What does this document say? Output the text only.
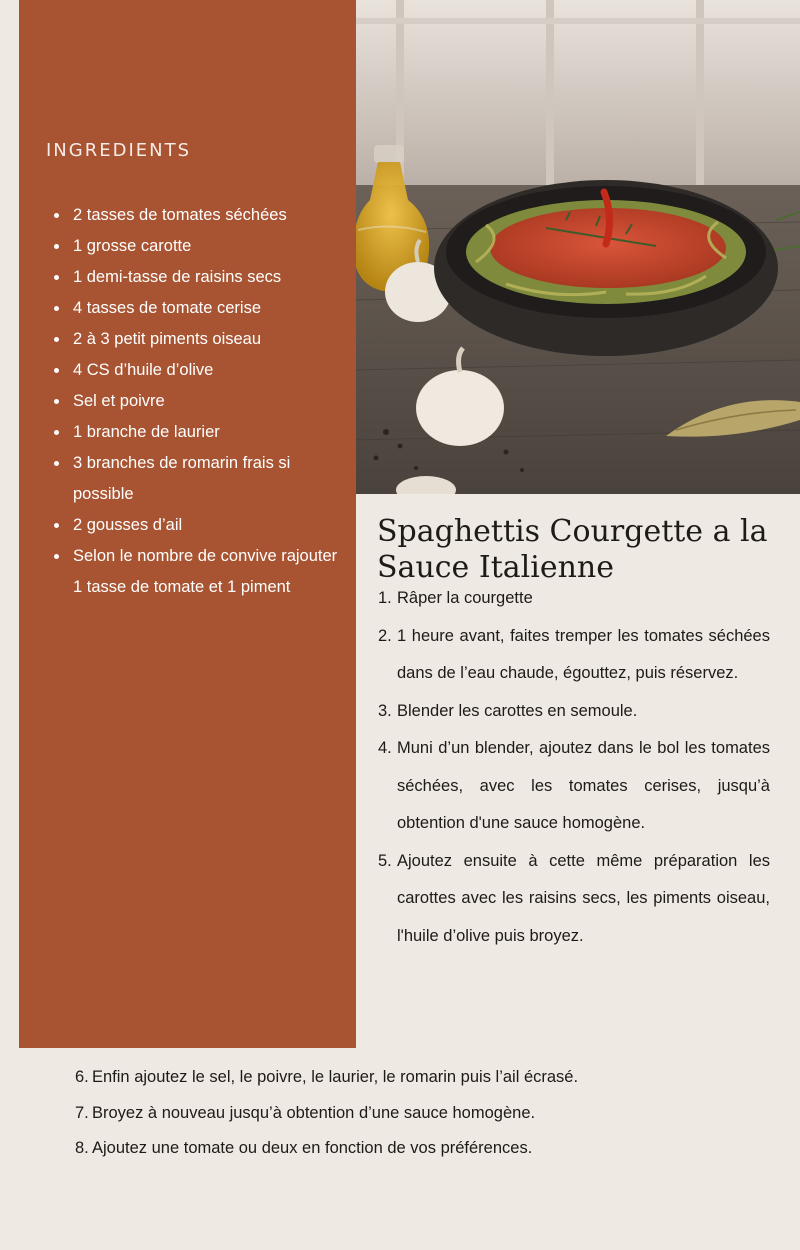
INGREDIENTS
2 tasses de tomates séchées
1 grosse carotte
1 demi-tasse de raisins secs
4 tasses de tomate cerise
2 à 3 petit piments oiseau
4 CS d’huile d’olive
Sel et poivre
1 branche de laurier
3 branches de romarin frais si possible
2 gousses d’ail
Selon le nombre de convive rajouter 1 tasse de tomate et 1 piment
Spaghettis Courgette a la Sauce Italienne
1. Râper la courgette
2. 1 heure avant, faites tremper les tomates séchées dans de l’eau chaude, égouttez, puis réservez.
3. Blender les carottes en semoule.
4. Muni d’un blender, ajoutez dans le bol les tomates séchées, avec les tomates cerises, jusqu’à obtention d'une sauce homogène.
5. Ajoutez ensuite à cette même préparation les carottes avec les raisins secs, les piments oiseau, l'huile d’olive puis broyez.
6. Enfin ajoutez le sel, le poivre, le laurier, le romarin puis l’ail écrasé.
7. Broyez à nouveau jusqu’à obtention d’une sauce homogène.
8. Ajoutez une tomate ou deux en fonction de vos préférences.
